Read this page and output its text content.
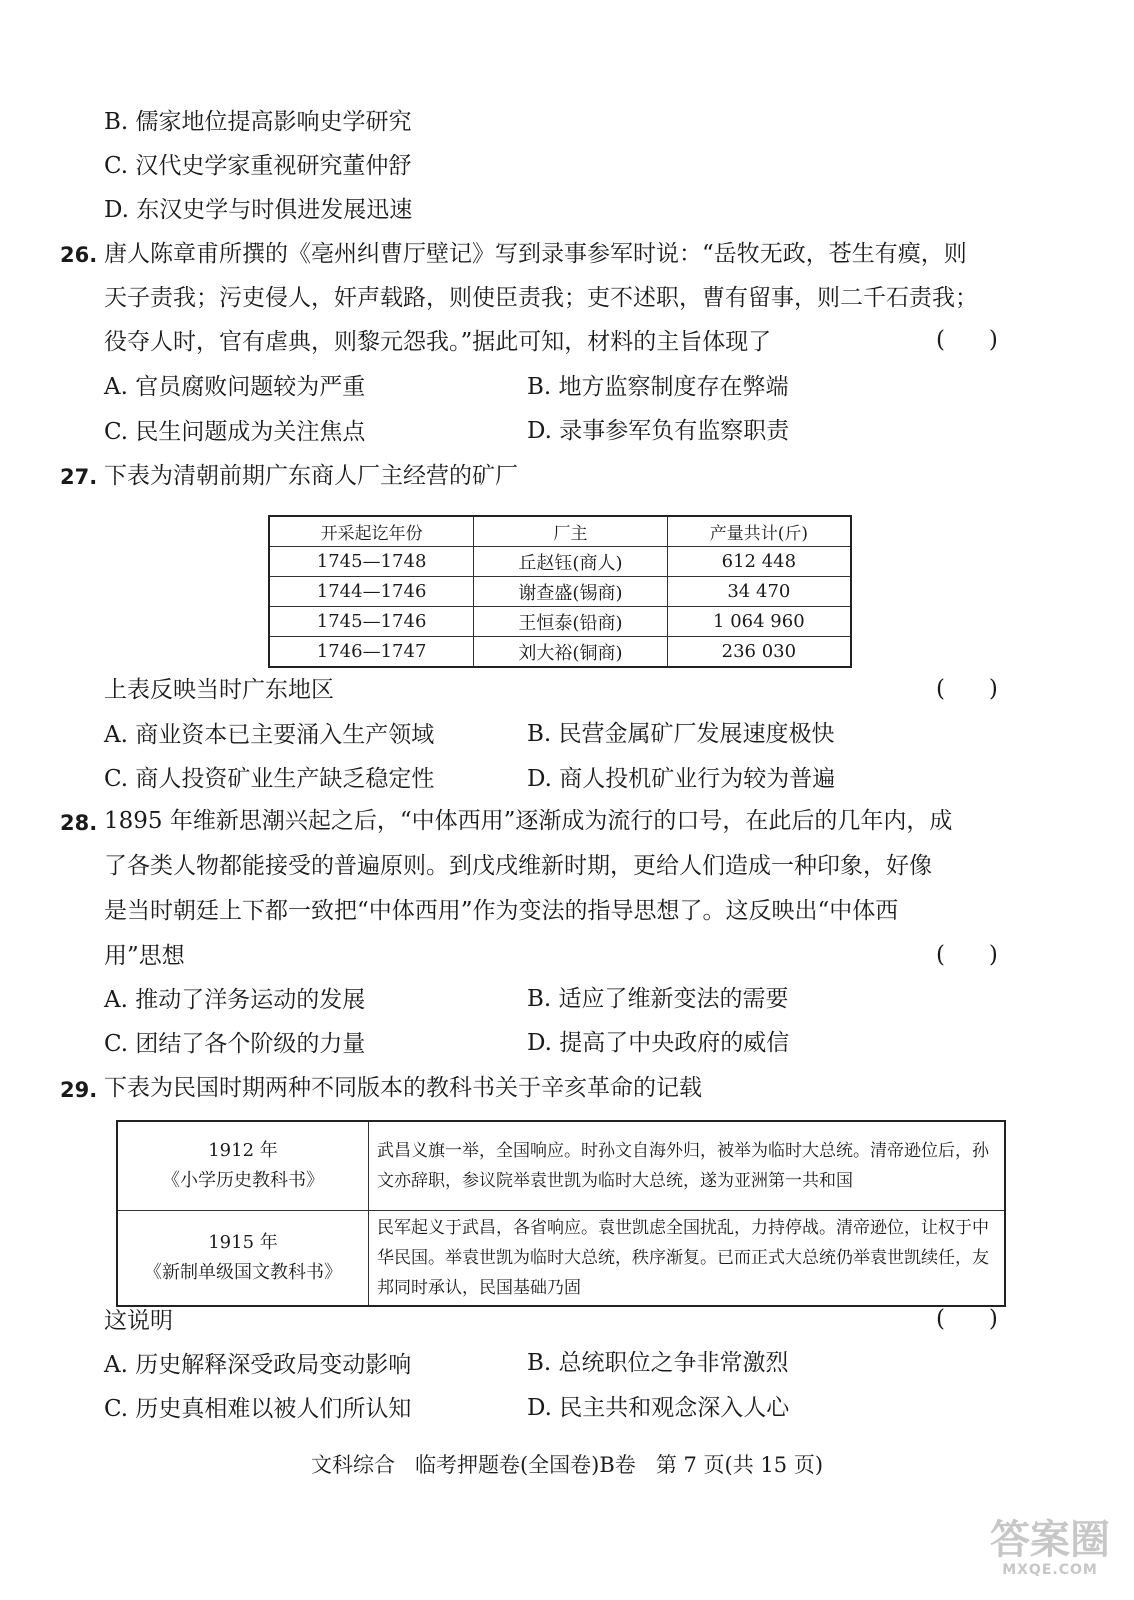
B. 儒家地位提高影响史学研究
C. 汉代史学家重视研究董仲舒
D. 东汉史学与时俱进发展迅速
26. 唐人陈章甫所撰的《亳州纠曹厅壁记》写到录事参军时说：“岳牧无政，苍生有瘼，则
天子责我；污吏侵人，奸声载路，则使臣责我；吏不述职，曹有留事，则二千石责我；
役夺人时，官有虐典，则黎元怨我。”据此可知，材料的主旨体现了	(      )
A. 官员腐败问题较为严重	B. 地方监察制度存在弊端
C. 民生问题成为关注焦点	D. 录事参军负有监察职责
27. 下表为清朝前期广东商人厂主经营的矿厂
开采起讫年份	厂主	产量共计(斤)
1745—1748	丘赵钰(商人)	612 448
1744—1746	谢查盛(锡商)	34 470
1745—1746	王恒泰(铅商)	1 064 960
1746—1747	刘大裕(铜商)	236 030
上表反映当时广东地区	(      )
A. 商业资本已主要涌入生产领域	B. 民营金属矿厂发展速度极快
C. 商人投资矿业生产缺乏稳定性	D. 商人投机矿业行为较为普遍
28. 1895 年维新思潮兴起之后，“中体西用”逐渐成为流行的口号，在此后的几年内，成
了各类人物都能接受的普遍原则。到戊戌维新时期，更给人们造成一种印象，好像
是当时朝廷上下都一致把“中体西用”作为变法的指导思想了。这反映出“中体西
用”思想	(      )
A. 推动了洋务运动的发展	B. 适应了维新变法的需要
C. 团结了各个阶级的力量	D. 提高了中央政府的威信
29. 下表为民国时期两种不同版本的教科书关于辛亥革命的记载
1912 年
《小学历史教科书》	武昌义旗一举，全国响应。时孙文自海外归，被举为临时大总统。清帝逊位后，孙文亦辞职，参议院举袁世凯为临时大总统，遂为亚洲第一共和国

1915 年
《新制单级国文教科书》	民军起义于武昌，各省响应。袁世凯虑全国扰乱，力持停战。清帝逊位，让权于中华民国。举袁世凯为临时大总统，秩序渐复。已而正式大总统仍举袁世凯续任，友邦同时承认，民国基础乃固
这说明	(      )
A. 历史解释深受政局变动影响	B. 总统职位之争非常激烈
C. 历史真相难以被人们所认知	D. 民主共和观念深入人心
文科综合   临考押题卷(全国卷)B卷   第 7 页(共 15 页)
答案圈
MXQE.COM
